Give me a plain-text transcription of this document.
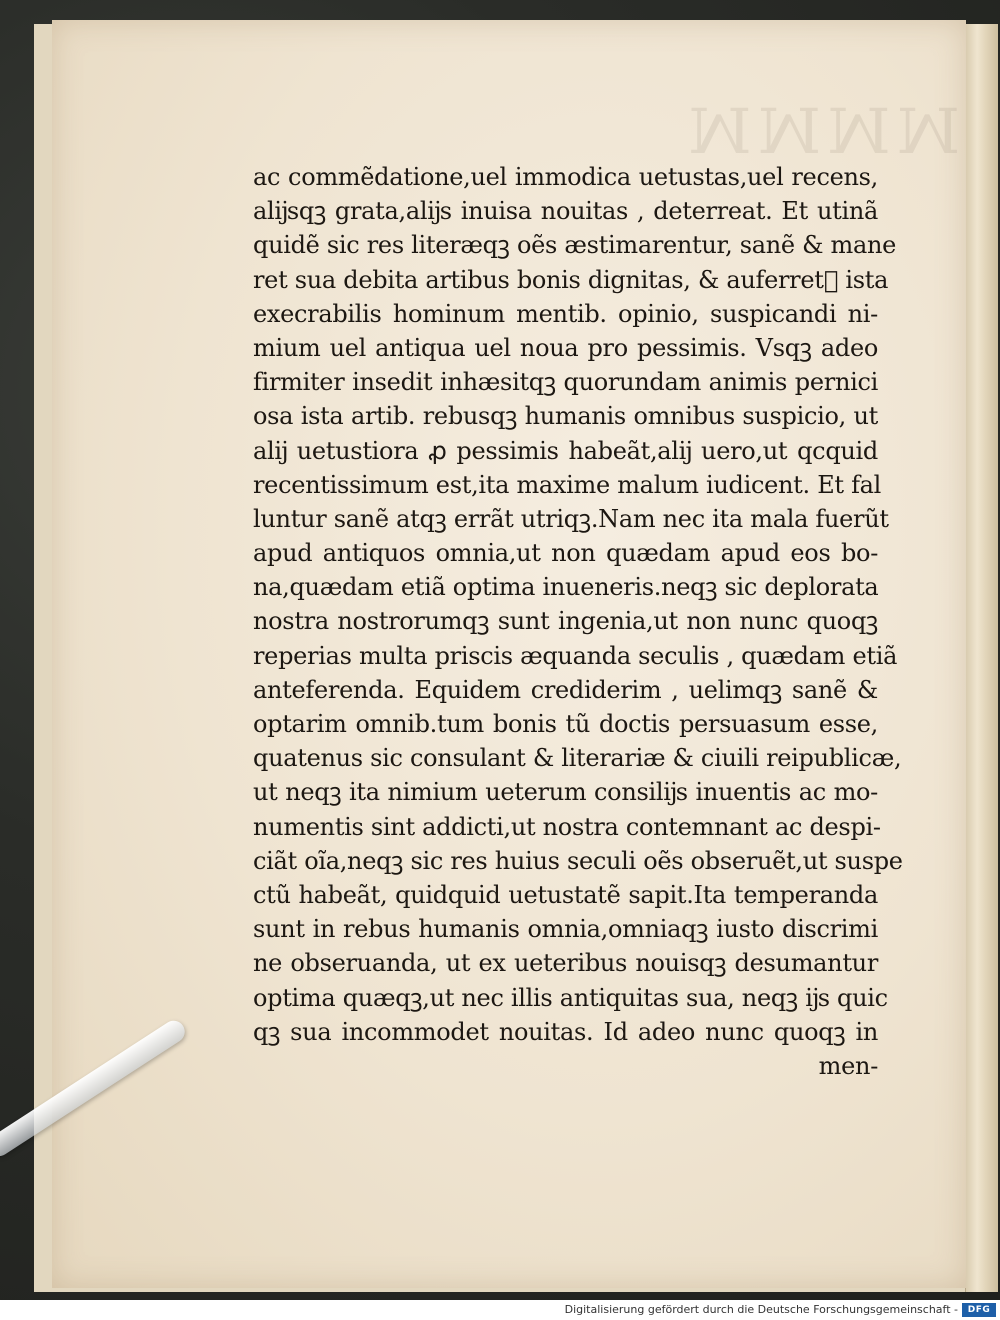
ꟽꟽꟽꟽ
ac commẽdatione,uel immodica uetustas,uel recens,
alĳsqꝫ grata,alĳs inuisa nouitas , deterreat. Et utinã
quidẽ sic res literæqꝫ oẽs æstimarentur, sanẽ & mane
ret sua debita artibus bonis dignitas, & auferretᷣ ista
execrabilis hominum mentib. opinio, suspicandi ni-
mium uel antiqua uel noua pro pessimis. Vsqꝫ adeo
firmiter insedit inhæsitqꝫ quorundam animis pernici
osa ista artib. rebusqꝫ humanis omnibus suspicio, ut
alĳ uetustiora ꝓ pessimis habeãt,alĳ uero,ut qcquid
recentissimum est,ita maxime malum iudicent. Et fal
luntur sanẽ atqꝫ errãt utriqꝫ.Nam nec ita mala fuerũt
apud antiquos omnia,ut non quædam apud eos bo-
na,quædam etiã optima inueneris.neqꝫ sic deplorata
nostra nostrorumqꝫ sunt ingenia,ut non nunc quoqꝫ
reperias multa priscis æquanda seculis , quædam etiã
anteferenda. Equidem crediderim , uelimqꝫ sanẽ &
optarim omnib.tum bonis tũ doctis persuasum esse,
quatenus sic consulant & literariæ & ciuili reipublicæ,
ut neqꝫ ita nimium ueterum consilĳs inuentis ac mo-
numentis sint addicti,ut nostra contemnant ac despi-
ciãt oĩa,neqꝫ sic res huius seculi oẽs obseruẽt,ut suspe
ctũ habeãt, quidquid uetustatẽ sapit.Ita temperanda
sunt in rebus humanis omnia,omniaqꝫ iusto discrimi
ne obseruanda, ut ex ueteribus nouisqꝫ desumantur
optima quæqꝫ,ut nec illis antiquitas sua, neqꝫ ĳs quic
qꝫ sua incommodet nouitas. Id adeo nunc quoqꝫ in
men-
Digitalisierung gefördert durch die Deutsche Forschungsgemeinschaft -	DFG
